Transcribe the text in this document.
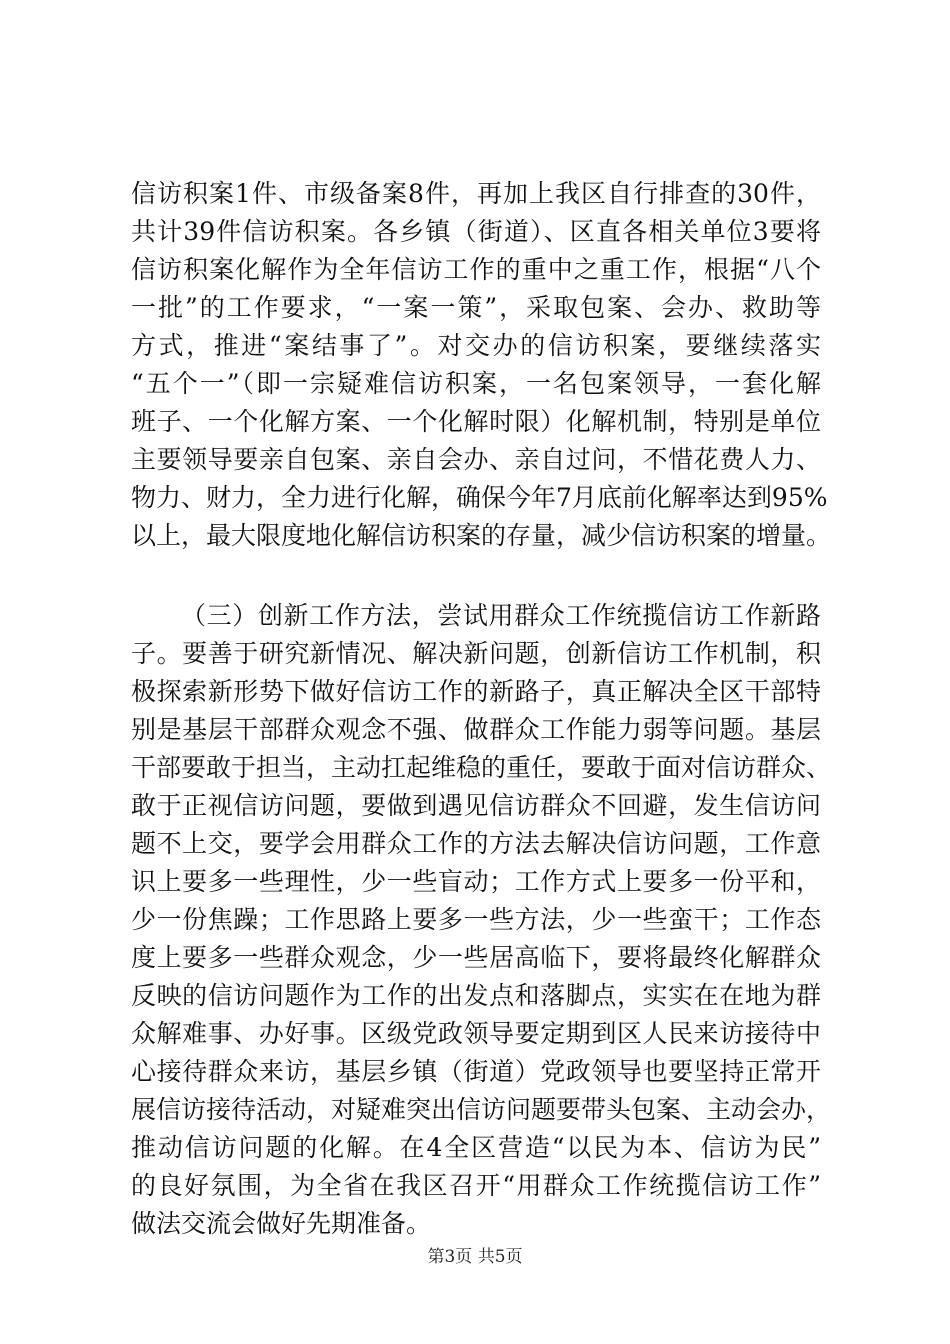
信访积案1件、市级备案8件，再加上我区自行排查的30件，
共计39件信访积案。各乡镇（街道）、区直各相关单位3要将
信访积案化解作为全年信访工作的重中之重工作，根据“八个
一批”的工作要求，“一案一策”，采取包案、会办、救助等
方式，推进“案结事了”。对交办的信访积案，要继续落实
“五个一”（即一宗疑难信访积案，一名包案领导，一套化解
班子、一个化解方案、一个化解时限）化解机制，特别是单位
主要领导要亲自包案、亲自会办、亲自过问，不惜花费人力、
物力、财力，全力进行化解，确保今年7月底前化解率达到95%
以上，最大限度地化解信访积案的存量，减少信访积案的增量。
（三）创新工作方法，尝试用群众工作统揽信访工作新路
子。要善于研究新情况、解决新问题，创新信访工作机制，积
极探索新形势下做好信访工作的新路子，真正解决全区干部特
别是基层干部群众观念不强、做群众工作能力弱等问题。基层
干部要敢于担当，主动扛起维稳的重任，要敢于面对信访群众、
敢于正视信访问题，要做到遇见信访群众不回避，发生信访问
题不上交，要学会用群众工作的方法去解决信访问题，工作意
识上要多一些理性，少一些盲动；工作方式上要多一份平和，
少一份焦躁；工作思路上要多一些方法，少一些蛮干；工作态
度上要多一些群众观念，少一些居高临下，要将最终化解群众
反映的信访问题作为工作的出发点和落脚点，实实在在地为群
众解难事、办好事。区级党政领导要定期到区人民来访接待中
心接待群众来访，基层乡镇（街道）党政领导也要坚持正常开
展信访接待活动，对疑难突出信访问题要带头包案、主动会办，
推动信访问题的化解。在4全区营造“以民为本、信访为民”
的良好氛围，为全省在我区召开“用群众工作统揽信访工作”
做法交流会做好先期准备。
第3页 共5页
